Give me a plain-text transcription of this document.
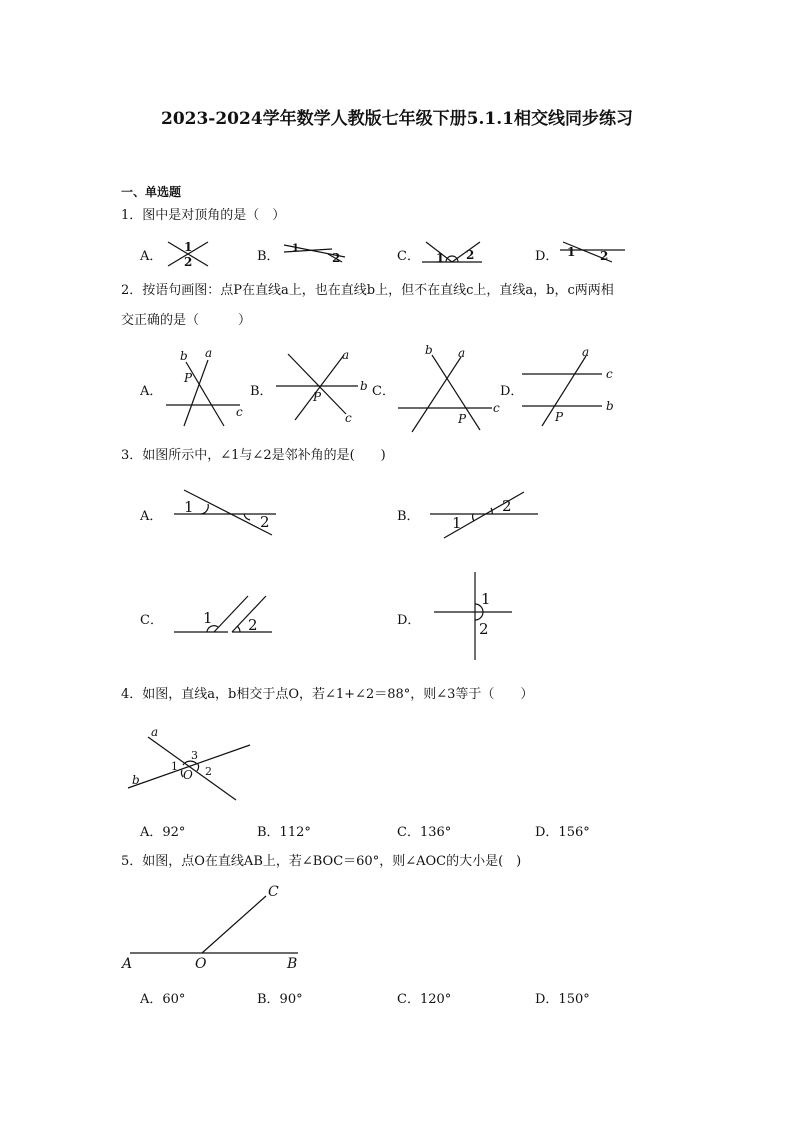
2023-2024学年数学人教版七年级下册5.1.1相交线同步练习
一、单选题
1．图中是对顶角的是（　）
A．	B．	C．	D．
1
2
1
2	1 2	1 2
b a
P
c
a
b
P
c
b a
c
P
a
c
b
P
1
2	1
2
1 2
1
2
a
b	O
1 2
3
A	O	B
C
2．按语句画图：点P在直线a上，也在直线b上，但不在直线c上，直线a，b，c两两相
交正确的是（　　　）
A．	B．	C．	D．
3．如图所示中，∠1与∠2是邻补角的是(　　)
A．	B．
C．	D．
4．如图，直线a，b相交于点O，若∠1+∠2＝88°，则∠3等于（　　）
A．92°	B．112°	C．136°	D．156°
5．如图，点O在直线AB上，若∠BOC＝60°，则∠AOC的大小是(　)
A．60°	B．90°	C．120°	D．150°
